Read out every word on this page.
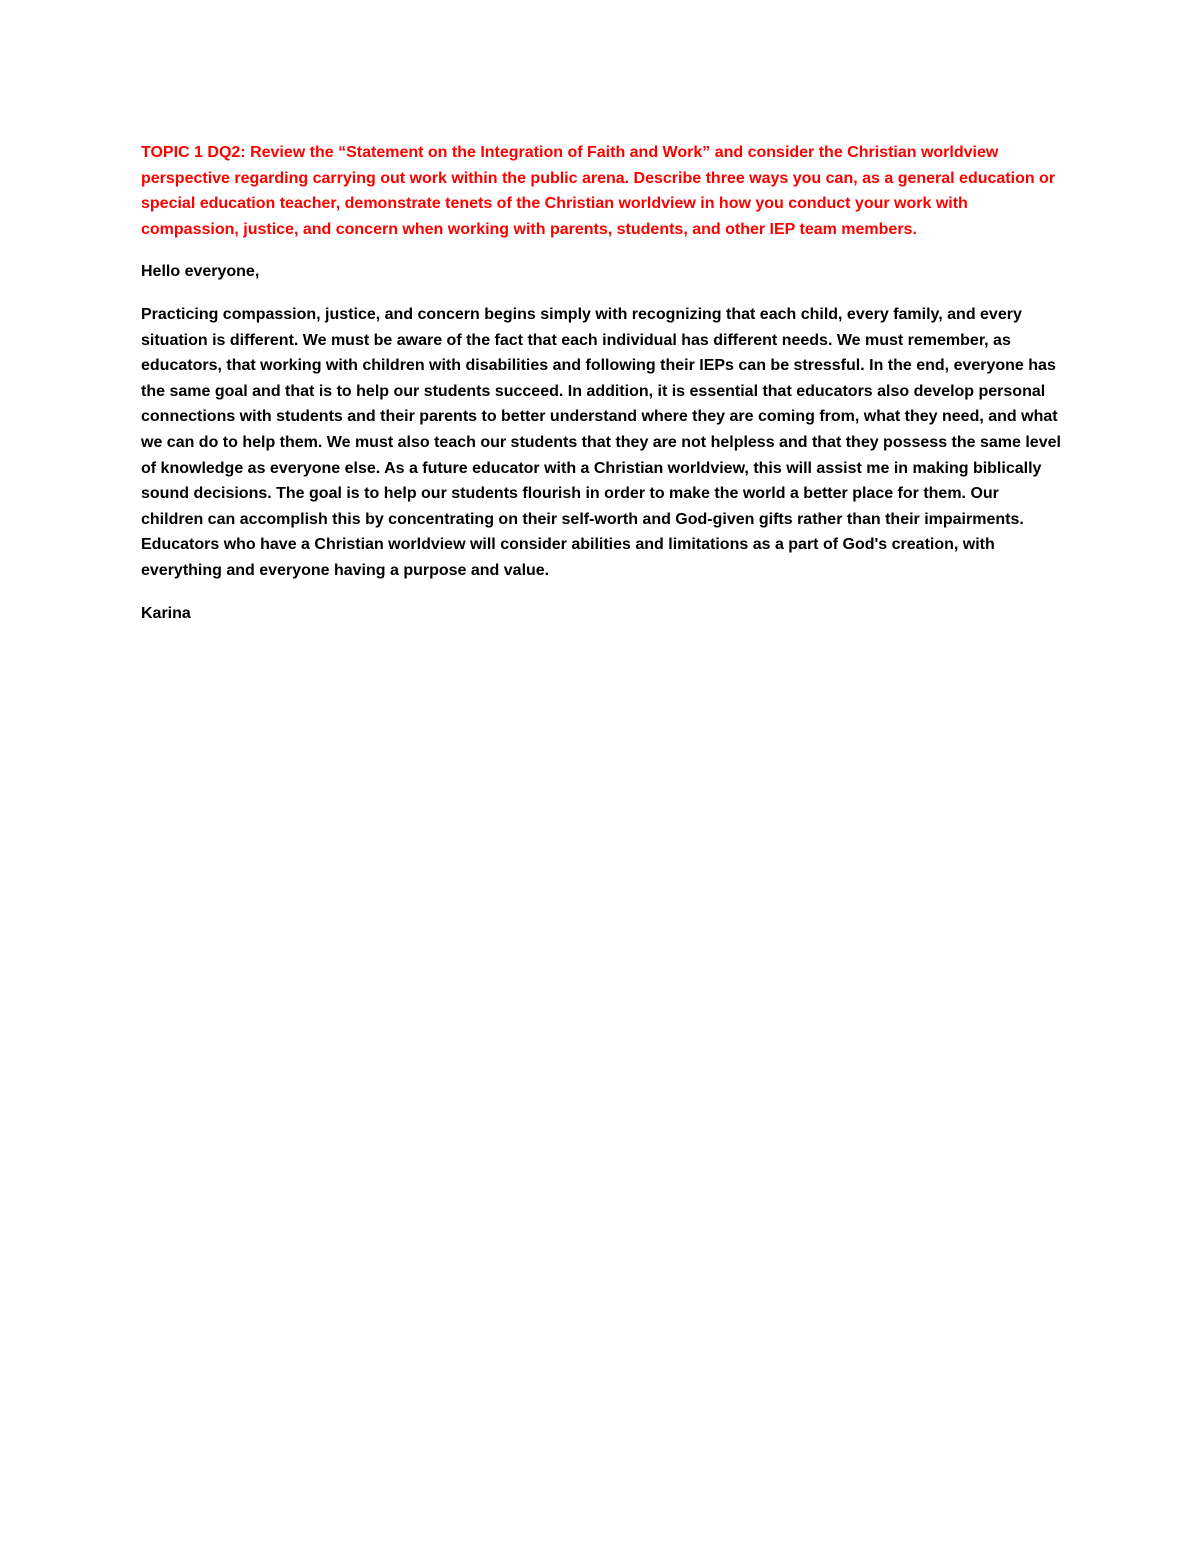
TOPIC 1 DQ2: Review the “Statement on the Integration of Faith and Work” and consider the Christian worldview perspective regarding carrying out work within the public arena. Describe three ways you can, as a general education or special education teacher, demonstrate tenets of the Christian worldview in how you conduct your work with compassion, justice, and concern when working with parents, students, and other IEP team members.

Hello everyone,

Practicing compassion, justice, and concern begins simply with recognizing that each child, every family, and every situation is different. We must be aware of the fact that each individual has different needs. We must remember, as educators, that working with children with disabilities and following their IEPs can be stressful. In the end, everyone has the same goal and that is to help our students succeed. In addition, it is essential that educators also develop personal connections with students and their parents to better understand where they are coming from, what they need, and what we can do to help them. We must also teach our students that they are not helpless and that they possess the same level of knowledge as everyone else. As a future educator with a Christian worldview, this will assist me in making biblically sound decisions. The goal is to help our students flourish in order to make the world a better place for them. Our children can accomplish this by concentrating on their self-worth and God-given gifts rather than their impairments. Educators who have a Christian worldview will consider abilities and limitations as a part of God's creation, with everything and everyone having a purpose and value.

Karina
